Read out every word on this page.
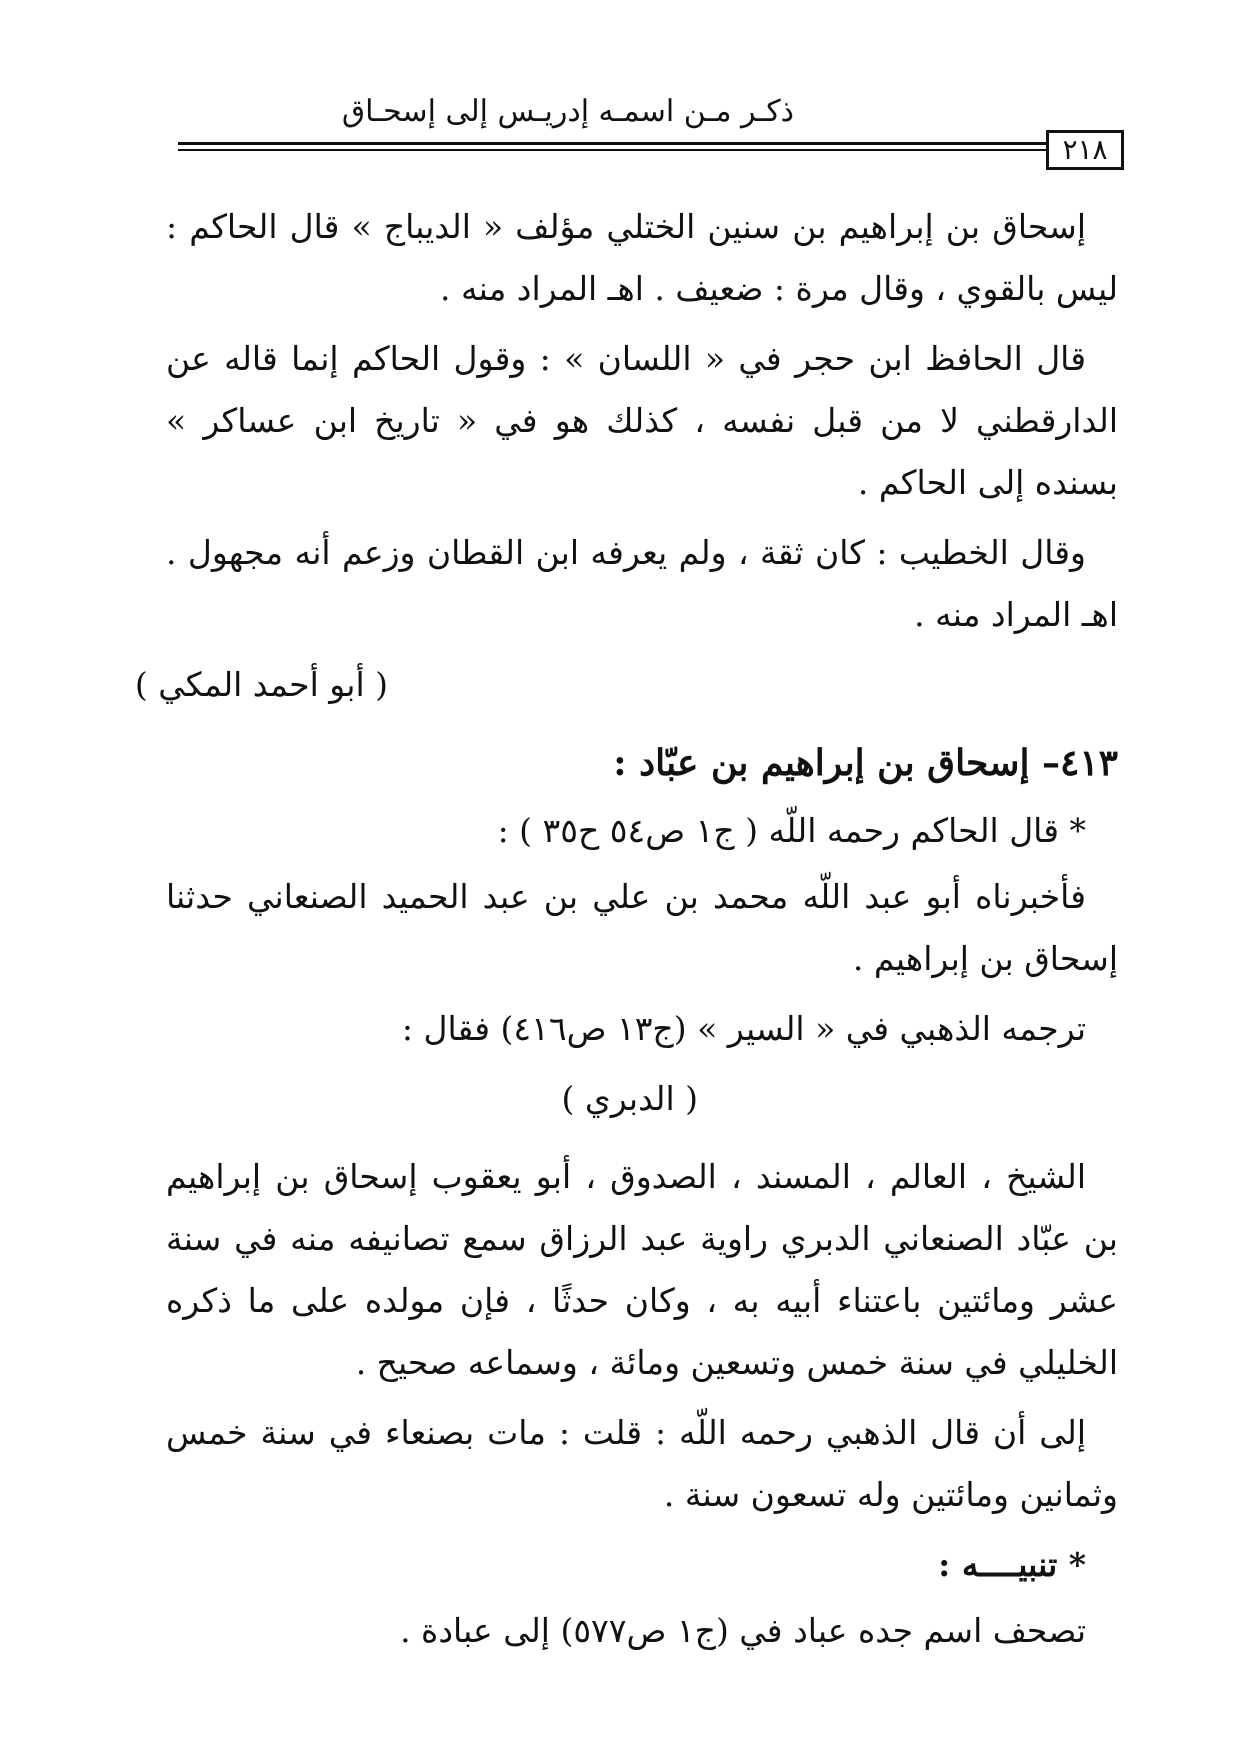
ذكـر مـن اسمـه إدريـس إلى إسحـاق
٢١٨

إسحاق بن إبراهيم بن سنين الختلي مؤلف « الديباج » قال الحاكم : ليس بالقوي ، وقال مرة : ضعيف . اهـ المراد منه .

قال الحافظ ابن حجر في « اللسان » : وقول الحاكم إنما قاله عن الدارقطني لا من قبل نفسه ، كذلك هو في « تاريخ ابن عساكر » بسنده إلى الحاكم .

وقال الخطيب : كان ثقة ، ولم يعرفه ابن القطان وزعم أنه مجهول . اهـ المراد منه .

( أبو أحمد المكي )

٤١٣– إسحاق بن إبراهيم بن عبّاد :

* قال الحاكم رحمه اللّه ( ج١ ص٥٤ ح٣٥ ) :

فأخبرناه أبو عبد اللّه محمد بن علي بن عبد الحميد الصنعاني حدثنا إسحاق بن إبراهيم .

ترجمه الذهبي في « السير » (ج١٣ ص٤١٦) فقال :

( الدبري )

الشيخ ، العالم ، المسند ، الصدوق ، أبو يعقوب إسحاق بن إبراهيم بن عبّاد الصنعاني الدبري راوية عبد الرزاق سمع تصانيفه منه في سنة عشر ومائتين باعتناء أبيه به ، وكان حدثًا ، فإن مولده على ما ذكره الخليلي في سنة خمس وتسعين ومائة ، وسماعه صحيح .

إلى أن قال الذهبي رحمه اللّه : قلت : مات بصنعاء في سنة خمس وثمانين ومائتين وله تسعون سنة .

* تنبيــــه :

تصحف اسم جده عباد في (ج١ ص٥٧٧) إلى عبادة .
